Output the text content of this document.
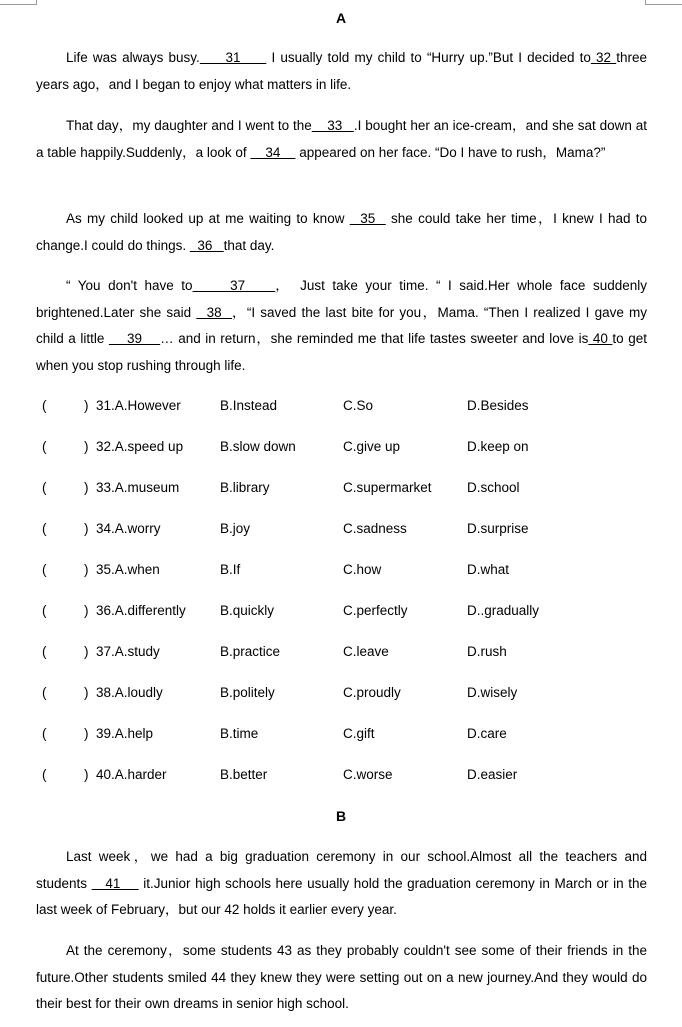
A
Life was always busy.     31      I usually told my child to “Hurry up.”But I decided to 32 three years ago，and I began to enjoy what matters in life.
That day，my daughter and I went to the    33   .I bought her an ice-cream，and she sat down at a table happily.Suddenly，a look of     34     appeared on her face. “Do I have to rush，Mama?”
As my child looked up at me waiting to know   35   she could take her time，I knew I had to change.I could do things.   36   that day.
“ You don't have to     37    ， Just take your time. “ I said.Her whole face suddenly brightened.Later she said   38  ，“I saved the last bite for you，Mama. “Then I realized I gave my child a little     39    … and in return，she reminded me that life tastes sweeter and love is 40 to get when you stop rushing through life.
(	) 31.A.However	B.Instead	C.So	D.Besides
(	) 32.A.speed up	B.slow down	C.give up	D.keep on
(	) 33.A.museum	B.library	C.supermarket	D.school
(	) 34.A.worry	B.joy	C.sadness	D.surprise
(	) 35.A.when	B.If	C.how	D.what
(	) 36.A.differently	B.quickly	C.perfectly	D..gradually
(	) 37.A.study	B.practice	C.leave	D.rush
(	) 38.A.loudly	B.politely	C.proudly	D.wisely
(	) 39.A.help	B.time	C.gift	D.care
(	) 40.A.harder	B.better	C.worse	D.easier
B
Last week，we had a big graduation ceremony in our school.Almost all the teachers and students    41     it.Junior high schools here usually hold the graduation ceremony in March or in the last week of February，but our 42 holds it earlier every year.
At the ceremony，some students 43 as they probably couldn't see some of their friends in the future.Other students smiled 44 they knew they were setting out on a new journey.And they would do their best for their own dreams in senior high school.
